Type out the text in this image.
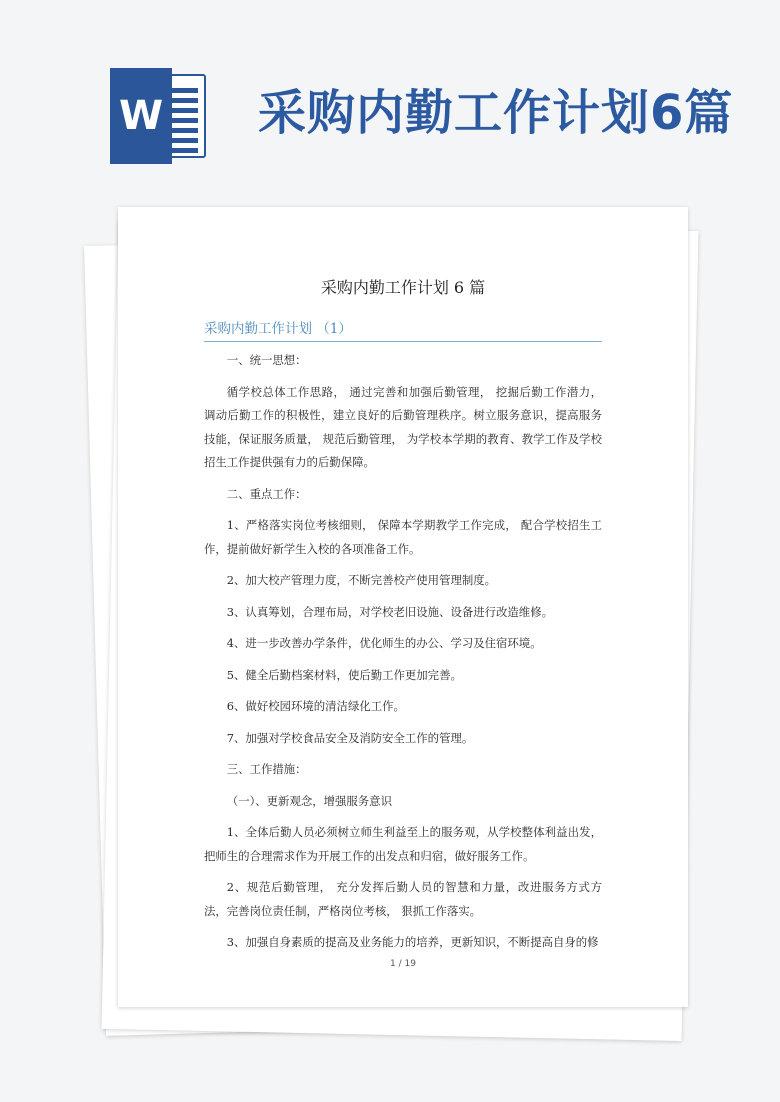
W 采购内勤工作计划6篇
采购内勤工作计划 6 篇
采购内勤工作计划 （1）

一、统一思想：

循学校总体工作思路， 通过完善和加强后勤管理， 挖掘后勤工作潜力， 调动后勤工作的积极性，建立良好的后勤管理秩序。树立服务意识，提高服务技能，保证服务质量， 规范后勤管理， 为学校本学期的教育、教学工作及学校招生工作提供强有力的后勤保障。

二、重点工作：

1、严格落实岗位考核细则， 保障本学期教学工作完成， 配合学校招生工作，提前做好新学生入校的各项准备工作。

2、加大校产管理力度，不断完善校产使用管理制度。

3、认真筹划，合理布局，对学校老旧设施、设备进行改造维修。

4、进一步改善办学条件，优化师生的办公、学习及住宿环境。

5、健全后勤档案材料，使后勤工作更加完善。

6、做好校园环境的清洁绿化工作。

7、加强对学校食品安全及消防安全工作的管理。

三、工作措施：

（一）、更新观念，增强服务意识

1、全体后勤人员必须树立师生利益至上的服务观，从学校整体利益出发，把师生的合理需求作为开展工作的出发点和归宿，做好服务工作。

2、规范后勤管理， 充分发挥后勤人员的智慧和力量，改进服务方式方法，完善岗位责任制，严格岗位考核， 狠抓工作落实。

3、加强自身素质的提高及业务能力的培养，更新知识，不断提高自身的修

1 / 19
